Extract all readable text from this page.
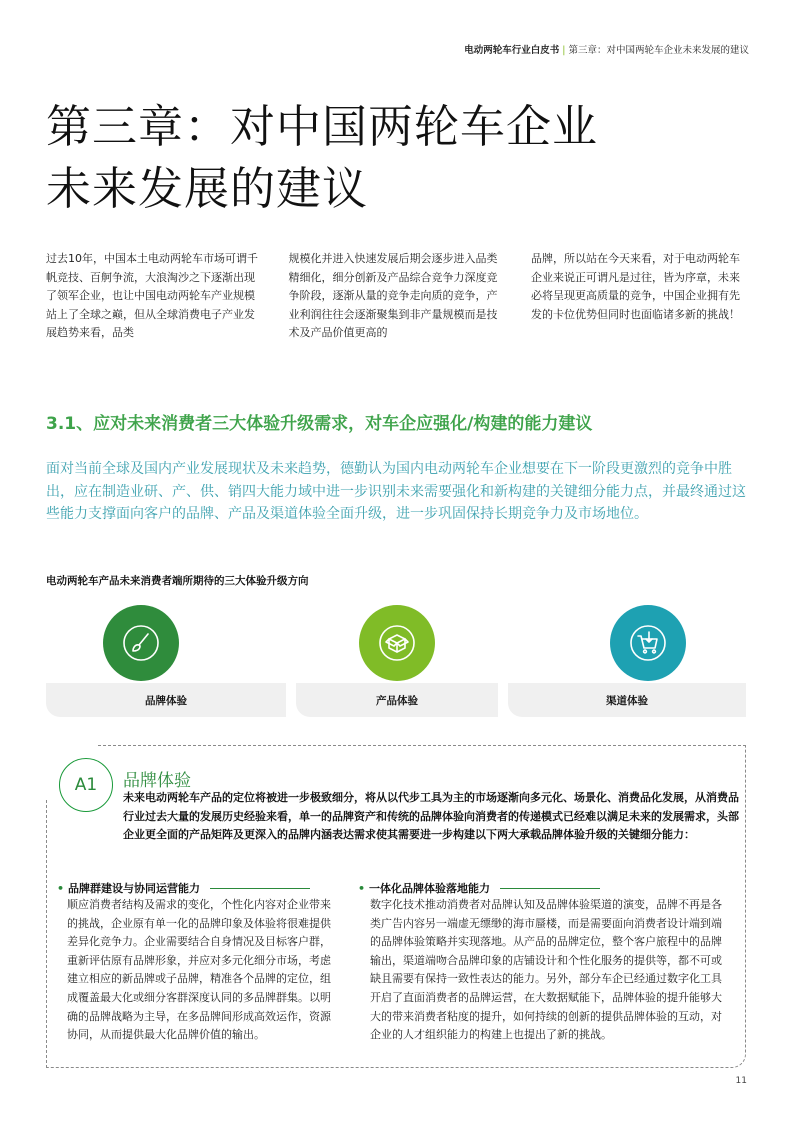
电动两轮车行业白皮书 | 第三章：对中国两轮车企业未来发展的建议
第三章：对中国两轮车企业
未来发展的建议

过去10年，中国本土电动两轮车市场可谓千帆竞技、百舸争流，大浪淘沙之下逐渐出现了领军企业，也让中国电动两轮车产业规模站上了全球之巅，但从全球消费电子产业发展趋势来看，品类

规模化并进入快速发展后期会逐步进入品类精细化，细分创新及产品综合竞争力深度竞争阶段，逐渐从量的竞争走向质的竞争，产业利润往往会逐渐聚集到非产量规模而是技术及产品价值更高的

品牌，所以站在今天来看，对于电动两轮车企业来说正可谓凡是过往，皆为序章，未来必将呈现更高质量的竞争，中国企业拥有先发的卡位优势但同时也面临诸多新的挑战！

3.1、应对未来消费者三大体验升级需求，对车企应强化/构建的能力建议

面对当前全球及国内产业发展现状及未来趋势，德勤认为国内电动两轮车企业想要在下一阶段更激烈的竞争中胜出，应在制造业研、产、供、销四大能力域中进一步识别未来需要强化和新构建的关键细分能力点，并最终通过这些能力支撑面向客户的品牌、产品及渠道体验全面升级，进一步巩固保持长期竞争力及市场地位。

电动两轮车产品未来消费者端所期待的三大体验升级方向
品牌体验	产品体验	渠道体验
A1	品牌体验

未来电动两轮车产品的定位将被进一步极致细分，将从以代步工具为主的市场逐渐向多元化、场景化、消费品化发展，从消费品行业过去大量的发展历史经验来看，单一的品牌资产和传统的品牌体验向消费者的传递模式已经难以满足未来的发展需求，头部企业更全面的产品矩阵及更深入的品牌内涵表达需求使其需要进一步构建以下两大承载品牌体验升级的关键细分能力：

• 品牌群建设与协同运营能力

顺应消费者结构及需求的变化，个性化内容对企业带来的挑战，企业原有单一化的品牌印象及体验将很难提供差异化竞争力。企业需要结合自身情况及目标客户群，重新评估原有品牌形象，并应对多元化细分市场，考虑建立相应的新品牌或子品牌，精准各个品牌的定位，组成覆盖最大化或细分客群深度认同的多品牌群集。以明确的品牌战略为主导，在多品牌间形成高效运作，资源协同，从而提供最大化品牌价值的输出。

• 一体化品牌体验落地能力

数字化技术推动消费者对品牌认知及品牌体验渠道的演变，品牌不再是各类广告内容另一端虚无缥缈的海市蜃楼，而是需要面向消费者设计端到端的品牌体验策略并实现落地。从产品的品牌定位，整个客户旅程中的品牌输出，渠道端吻合品牌印象的店铺设计和个性化服务的提供等，都不可或缺且需要有保持一致性表达的能力。另外，部分车企已经通过数字化工具开启了直面消费者的品牌运营，在大数据赋能下，品牌体验的提升能够大大的带来消费者粘度的提升，如何持续的创新的提供品牌体验的互动，对企业的人才组织能力的构建上也提出了新的挑战。

11
